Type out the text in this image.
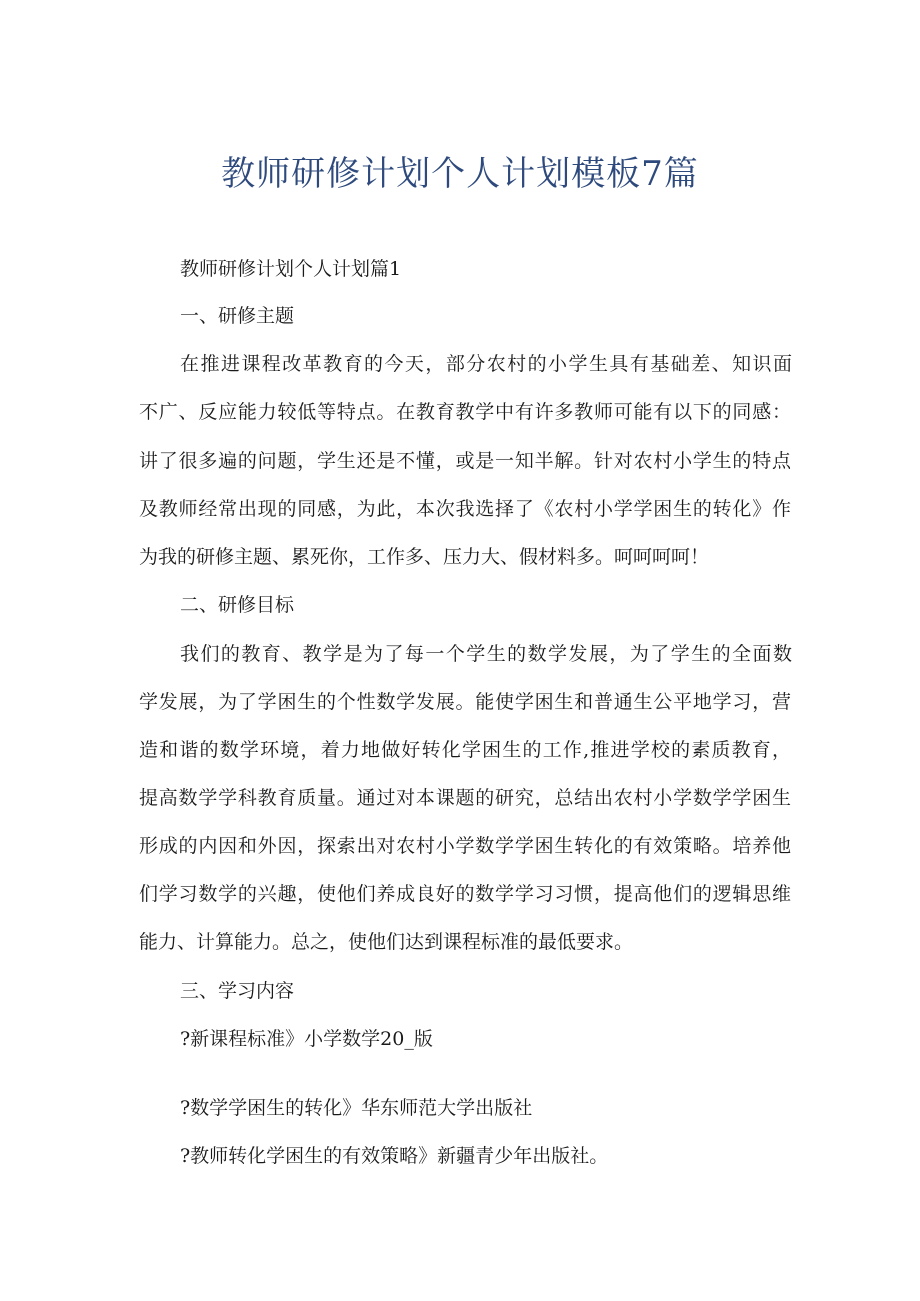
教师研修计划个人计划模板7篇
教师研修计划个人计划篇1
一、研修主题
在推进课程改革教育的今天，部分农村的小学生具有基础差、知识面
不广、反应能力较低等特点。在教育教学中有许多教师可能有以下的同感：
讲了很多遍的问题，学生还是不懂，或是一知半解。针对农村小学生的特点
及教师经常出现的同感，为此，本次我选择了《农村小学学困生的转化》作
为我的研修主题、累死你，工作多、压力大、假材料多。呵呵呵呵！
二、研修目标
我们的教育、教学是为了每一个学生的数学发展，为了学生的全面数
学发展，为了学困生的个性数学发展。能使学困生和普通生公平地学习，营
造和谐的数学环境，着力地做好转化学困生的工作,推进学校的素质教育，
提高数学学科教育质量。通过对本课题的研究，总结出农村小学数学学困生
形成的内因和外因，探索出对农村小学数学学困生转化的有效策略。培养他
们学习数学的兴趣，使他们养成良好的数学学习习惯，提高他们的逻辑思维
能力、计算能力。总之，使他们达到课程标准的最低要求。
三、学习内容
?新课程标准》小学数学20_版
?数学学困生的转化》华东师范大学出版社
?教师转化学困生的有效策略》新疆青少年出版社。
